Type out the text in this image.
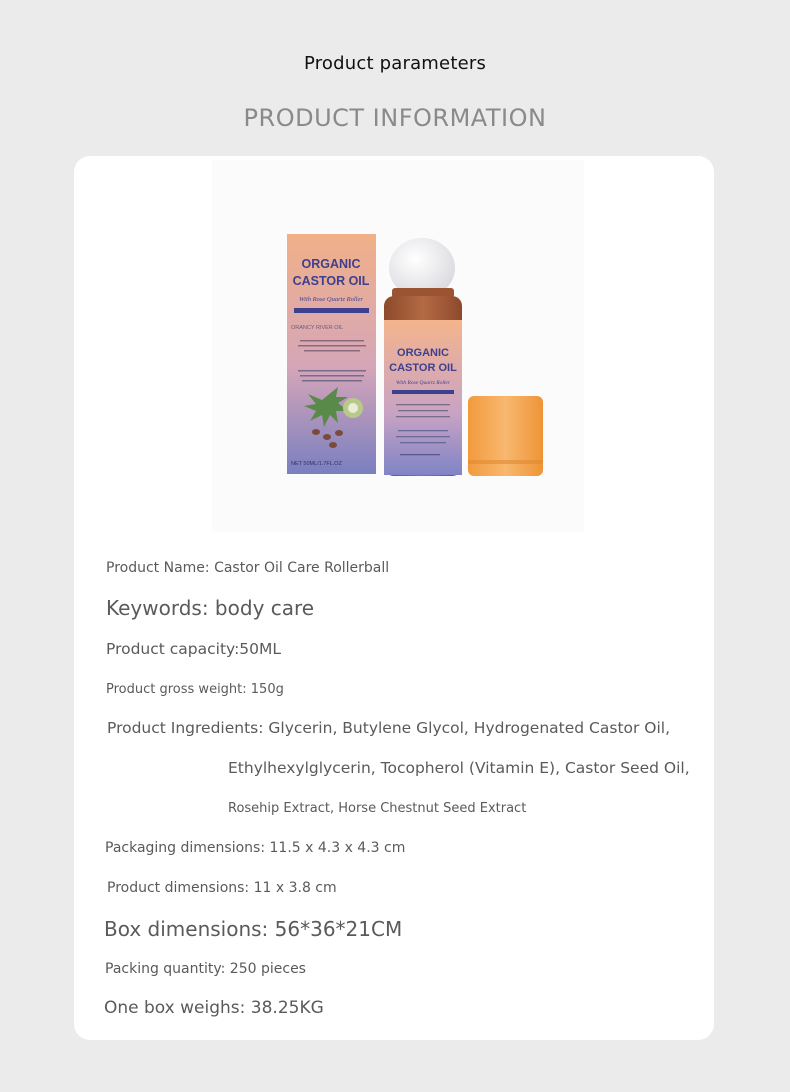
Product parameters
PRODUCT INFORMATION
ORGANIC
CASTOR OIL
With Rose Quartz Roller
ORANCY RIVER OIL
NET 50ML/1.7FL.OZ
ORGANIC
CASTOR OIL
With Rose Quartz Roller
Product Name: Castor Oil Care Rollerball
Keywords: body care
Product capacity:50ML
Product gross weight: 150g
Product Ingredients: Glycerin, Butylene Glycol, Hydrogenated Castor Oil,
Ethylhexylglycerin, Tocopherol (Vitamin E), Castor Seed Oil,
Rosehip Extract, Horse Chestnut Seed Extract
Packaging dimensions: 11.5 x 4.3 x 4.3 cm
Product dimensions: 11 x 3.8 cm
Box dimensions: 56*36*21CM
Packing quantity: 250 pieces
One box weighs: 38.25KG
